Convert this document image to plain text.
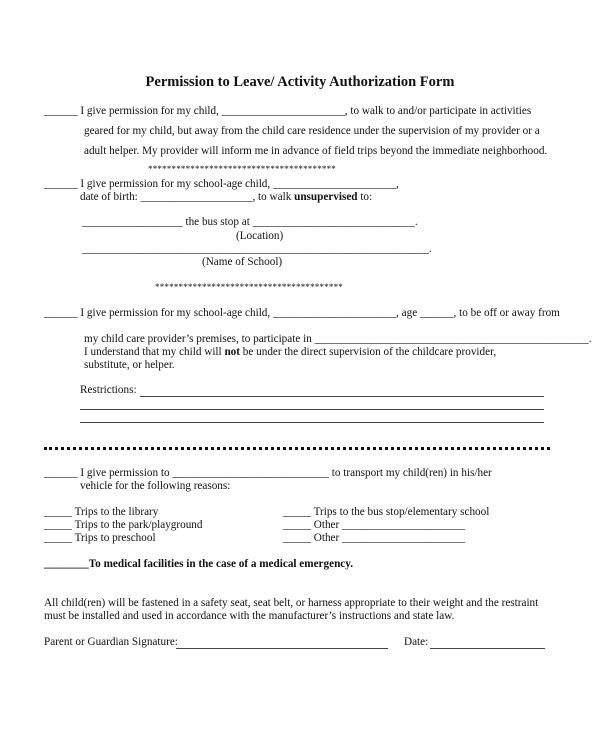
Permission to Leave/ Activity Authorization Form
______ I give permission for my child, ______________________, to walk to and/or participate in activities
geared for my child, but away from the child care residence under the supervision of my provider or a
adult helper. My provider will inform me in advance of field trips beyond the immediate neighborhood.
****************************************
______ I give permission for my school-age child, ______________________,
date of birth: ____________________, to walk unsupervised to:
__________________ the bus stop at _____________________________.
(Location)
______________________________________________________________.
(Name of School)
****************************************
______ I give permission for my school-age child, ______________________, age ______, to be off or away from
my child care provider’s premises, to participate in _________________________________________________.
I understand that my child will not be under the direct supervision of the childcare provider,
substitute, or helper.
Restrictions:
______ I give permission to ____________________________ to transport my child(ren) in his/her
vehicle for the following reasons:
_____ Trips to the library
_____ Trips to the park/playground
_____ Trips to preschool
_____ Trips to the bus stop/elementary school
_____ Other ______________________
_____ Other ______________________
________To medical facilities in the case of a medical emergency.
All child(ren) will be fastened in a safety seat, seat belt, or harness appropriate to their weight and the restraint
must be installed and used in accordance with the manufacturer’s instructions and state law.
Parent or Guardian Signature:	Date:
